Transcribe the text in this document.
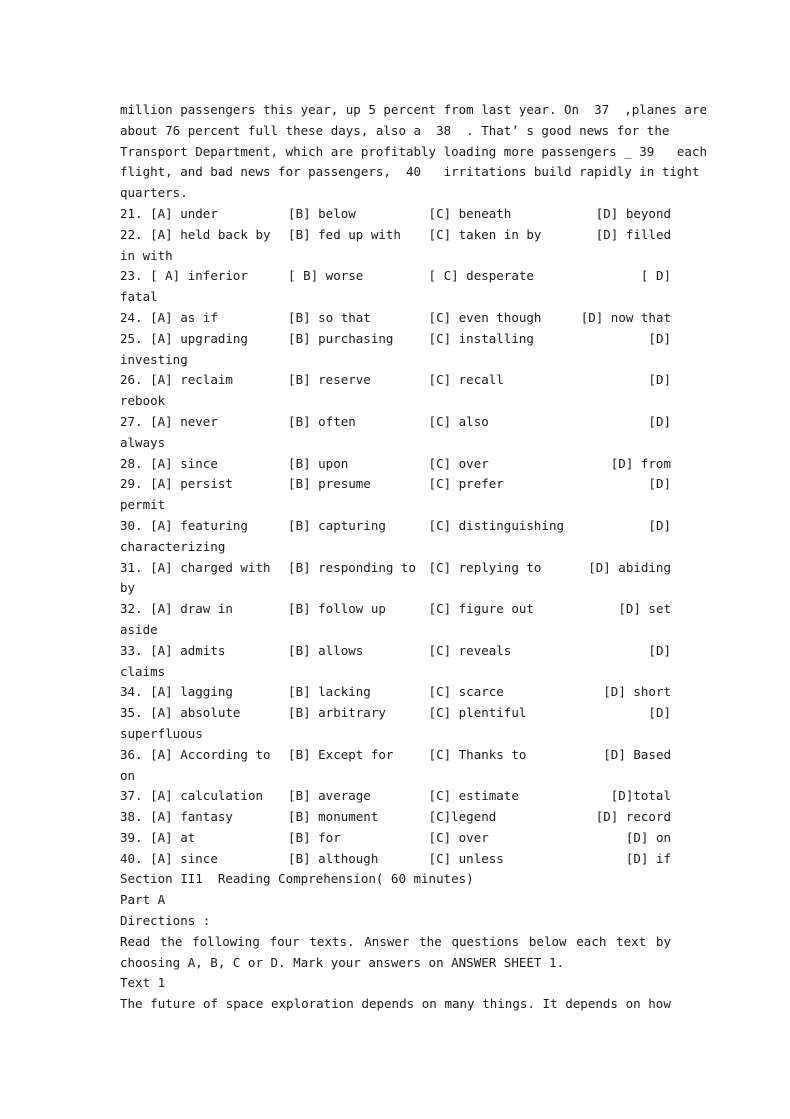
million passengers this year, up 5 percent from last year. On  37  ,planes are
about 76 percent full these days, also a  38  . That’ s good news for the
Transport Department, which are profitably loading more passengers _ 39   each
flight, and bad news for passengers,  40   irritations build rapidly in tight
quarters.
21. [A] under	[B] below	[C] beneath	[D] beyond
22. [A] held back by [B] fed up with [C] taken in by	[D] filled
in with
23. [ A] inferior	[ B] worse	[ C] desperate	[ D]
fatal
24. [A] as if	[B] so that	[C] even though	[D] now that
25. [A] upgrading	[B] purchasing	[C] installing	[D]
investing
26. [A] reclaim	[B] reserve	[C] recall	[D]
rebook
27. [A] never	[B] often	[C] also	[D]
always
28. [A] since	[B] upon	[C] over	[D] from
29. [A] persist	[B] presume	[C] prefer	[D]
permit
30. [A] featuring	[B] capturing	[C] distinguishing	[D]
characterizing
31. [A] charged with [B] responding to [C] replying to	[D] abiding
by
32. [A] draw in	[B] follow up	[C] figure out	[D] set
aside
33. [A] admits	[B] allows	[C] reveals	[D]
claims
34. [A] lagging	[B] lacking	[C] scarce	[D] short
35. [A] absolute	[B] arbitrary	[C] plentiful	[D]
superfluous
36. [A] According to [B] Except for	[C] Thanks to	[D] Based
on
37. [A] calculation [B] average	[C] estimate	[D]total
38. [A] fantasy	[B] monument	[C]legend	[D] record
39. [A] at	[B] for	[C] over	[D] on
40. [A] since	[B] although	[C] unless	[D] if
Section II1  Reading Comprehension( 60 minutes)
Part A
Directions :
Read the following four texts. Answer the questions below each text by
choosing A, B, C or D. Mark your answers on ANSWER SHEET 1.
Text 1
The future of space exploration depends on many things. It depends on how
